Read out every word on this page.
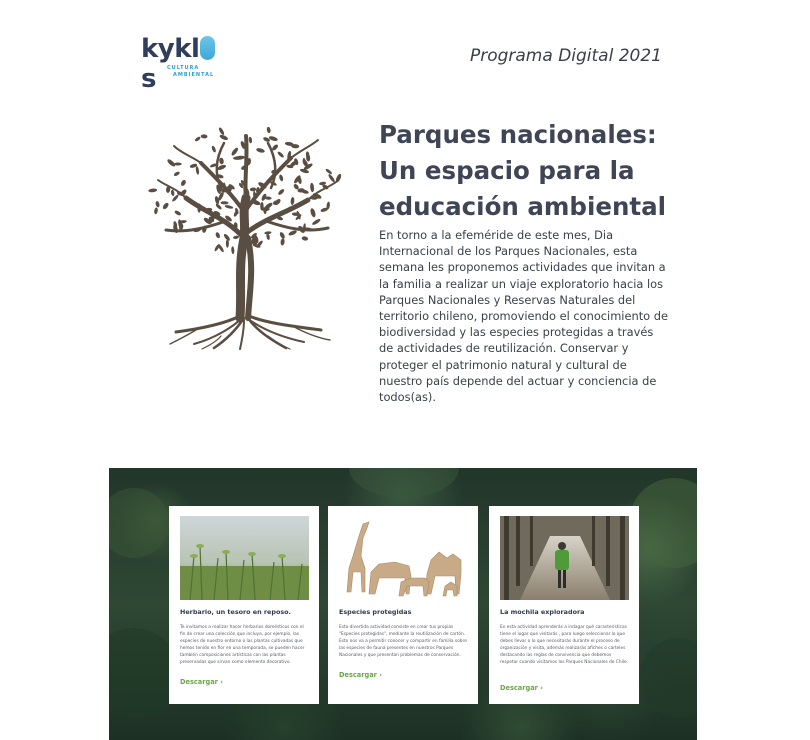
kykls	CULTURA
AMBIENTAL
Programa Digital 2021
Parques nacionales:
Un espacio para la
educación ambiental
En torno a la efeméride de este mes, Dia Internacional de los Parques Nacionales, esta semana les proponemos actividades que invitan a la familia a realizar un viaje exploratorio hacia los Parques Nacionales y Reservas Naturales del territorio chileno, promoviendo el conocimiento de biodiversidad y las especies protegidas a través de actividades de reutilización. Conservar y proteger el patrimonio natural y cultural de nuestro país depende del actuar y conciencia de todos(as).
Herbario, un tesoro en reposo.
Te invitamos a realizar hacer herbarios domésticos con el fin de crear una colección que incluya, por ejemplo, las especies de nuestro entorno o las plantas cultivadas que hemos tenido en flor en una temporada, se pueden hacer también composiciones artísticas con las plantas preservadas que sirvan como elemento decorativo.
Descargar ›
Especies protegidas
Esta divertida actividad consiste en crear tus propias "Especies protegidas", mediante la reutilización de cartón. Esto nos va a permitir conocer y compartir en familia sobre las especies de fauna presentes en nuestros Parques Nacionales y que presentan problemas de conservación.
Descargar ›
La mochila exploradora
En esta actividad aprenderás a indagar qué características tiene el lugar que visitarás , para luego seleccionar lo que debes llevar o lo que necesitarás durante el proceso de organización y visita, además realizarás afiches o carteles destacando las reglas de convivencia que debemos respetar cuando visitamos los Parques Nacionales de Chile.
Descargar ›
